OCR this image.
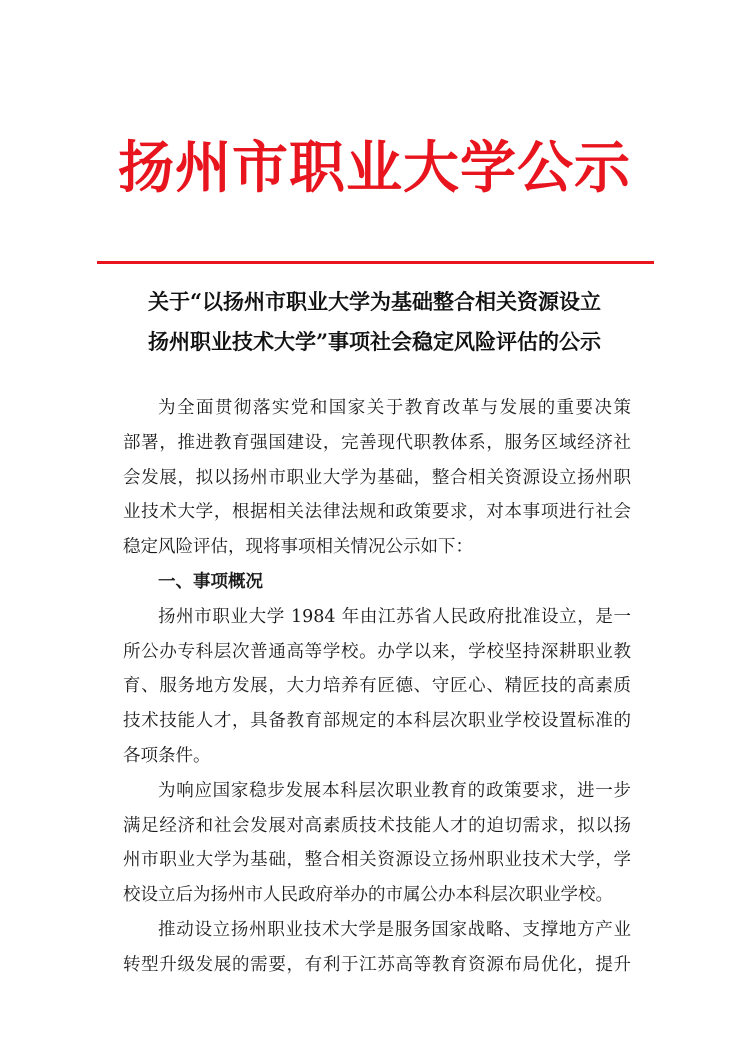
扬州市职业大学公示
关于“以扬州市职业大学为基础整合相关资源设立
扬州职业技术大学”事项社会稳定风险评估的公示
为全面贯彻落实党和国家关于教育改革与发展的重要决策
部署，推进教育强国建设，完善现代职教体系，服务区域经济社
会发展，拟以扬州市职业大学为基础，整合相关资源设立扬州职
业技术大学，根据相关法律法规和政策要求，对本事项进行社会
稳定风险评估，现将事项相关情况公示如下：
一、事项概况
扬州市职业大学 1984 年由江苏省人民政府批准设立，是一
所公办专科层次普通高等学校。办学以来，学校坚持深耕职业教
育、服务地方发展，大力培养有匠德、守匠心、精匠技的高素质
技术技能人才，具备教育部规定的本科层次职业学校设置标准的
各项条件。
为响应国家稳步发展本科层次职业教育的政策要求，进一步
满足经济和社会发展对高素质技术技能人才的迫切需求，拟以扬
州市职业大学为基础，整合相关资源设立扬州职业技术大学，学
校设立后为扬州市人民政府举办的市属公办本科层次职业学校。
推动设立扬州职业技术大学是服务国家战略、支撑地方产业
转型升级发展的需要，有利于江苏高等教育资源布局优化，提升
